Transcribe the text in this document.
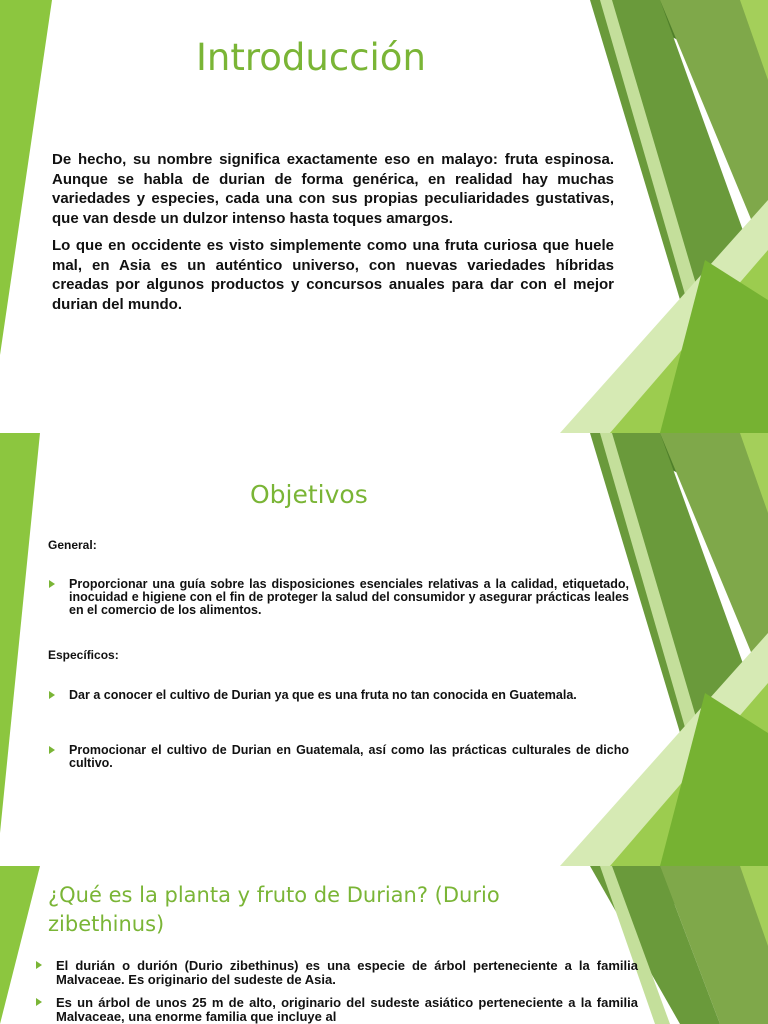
Introducción

De hecho, su nombre significa exactamente eso en malayo: fruta espinosa. Aunque se habla de durian de forma genérica, en realidad hay muchas variedades y especies, cada una con sus propias peculiaridades gustativas, que van desde un dulzor intenso hasta toques amargos.

Lo que en occidente es visto simplemente como una fruta curiosa que huele mal, en Asia es un auténtico universo, con nuevas variedades híbridas creadas por algunos productos y concursos anuales para dar con el mejor durian del mundo.

Objetivos

General:

Proporcionar una guía sobre las disposiciones esenciales relativas a la calidad, etiquetado, inocuidad e higiene con el fin de proteger la salud del consumidor y asegurar prácticas leales en el comercio de los alimentos.

Específicos:

Dar a conocer el cultivo de Durian ya que es una fruta no tan conocida en Guatemala.
Promocionar el cultivo de Durian en Guatemala, así como las prácticas culturales de dicho cultivo.
¿Qué es la planta y fruto de Durian? (Durio zibethinus)
El durián o durión (Durio zibethinus) es una especie de árbol perteneciente a la familia Malvaceae. Es originario del sudeste de Asia.
Es un árbol de unos 25 m de alto, originario del sudeste asiático perteneciente a la familia Malvaceae, una enorme familia que incluye al
